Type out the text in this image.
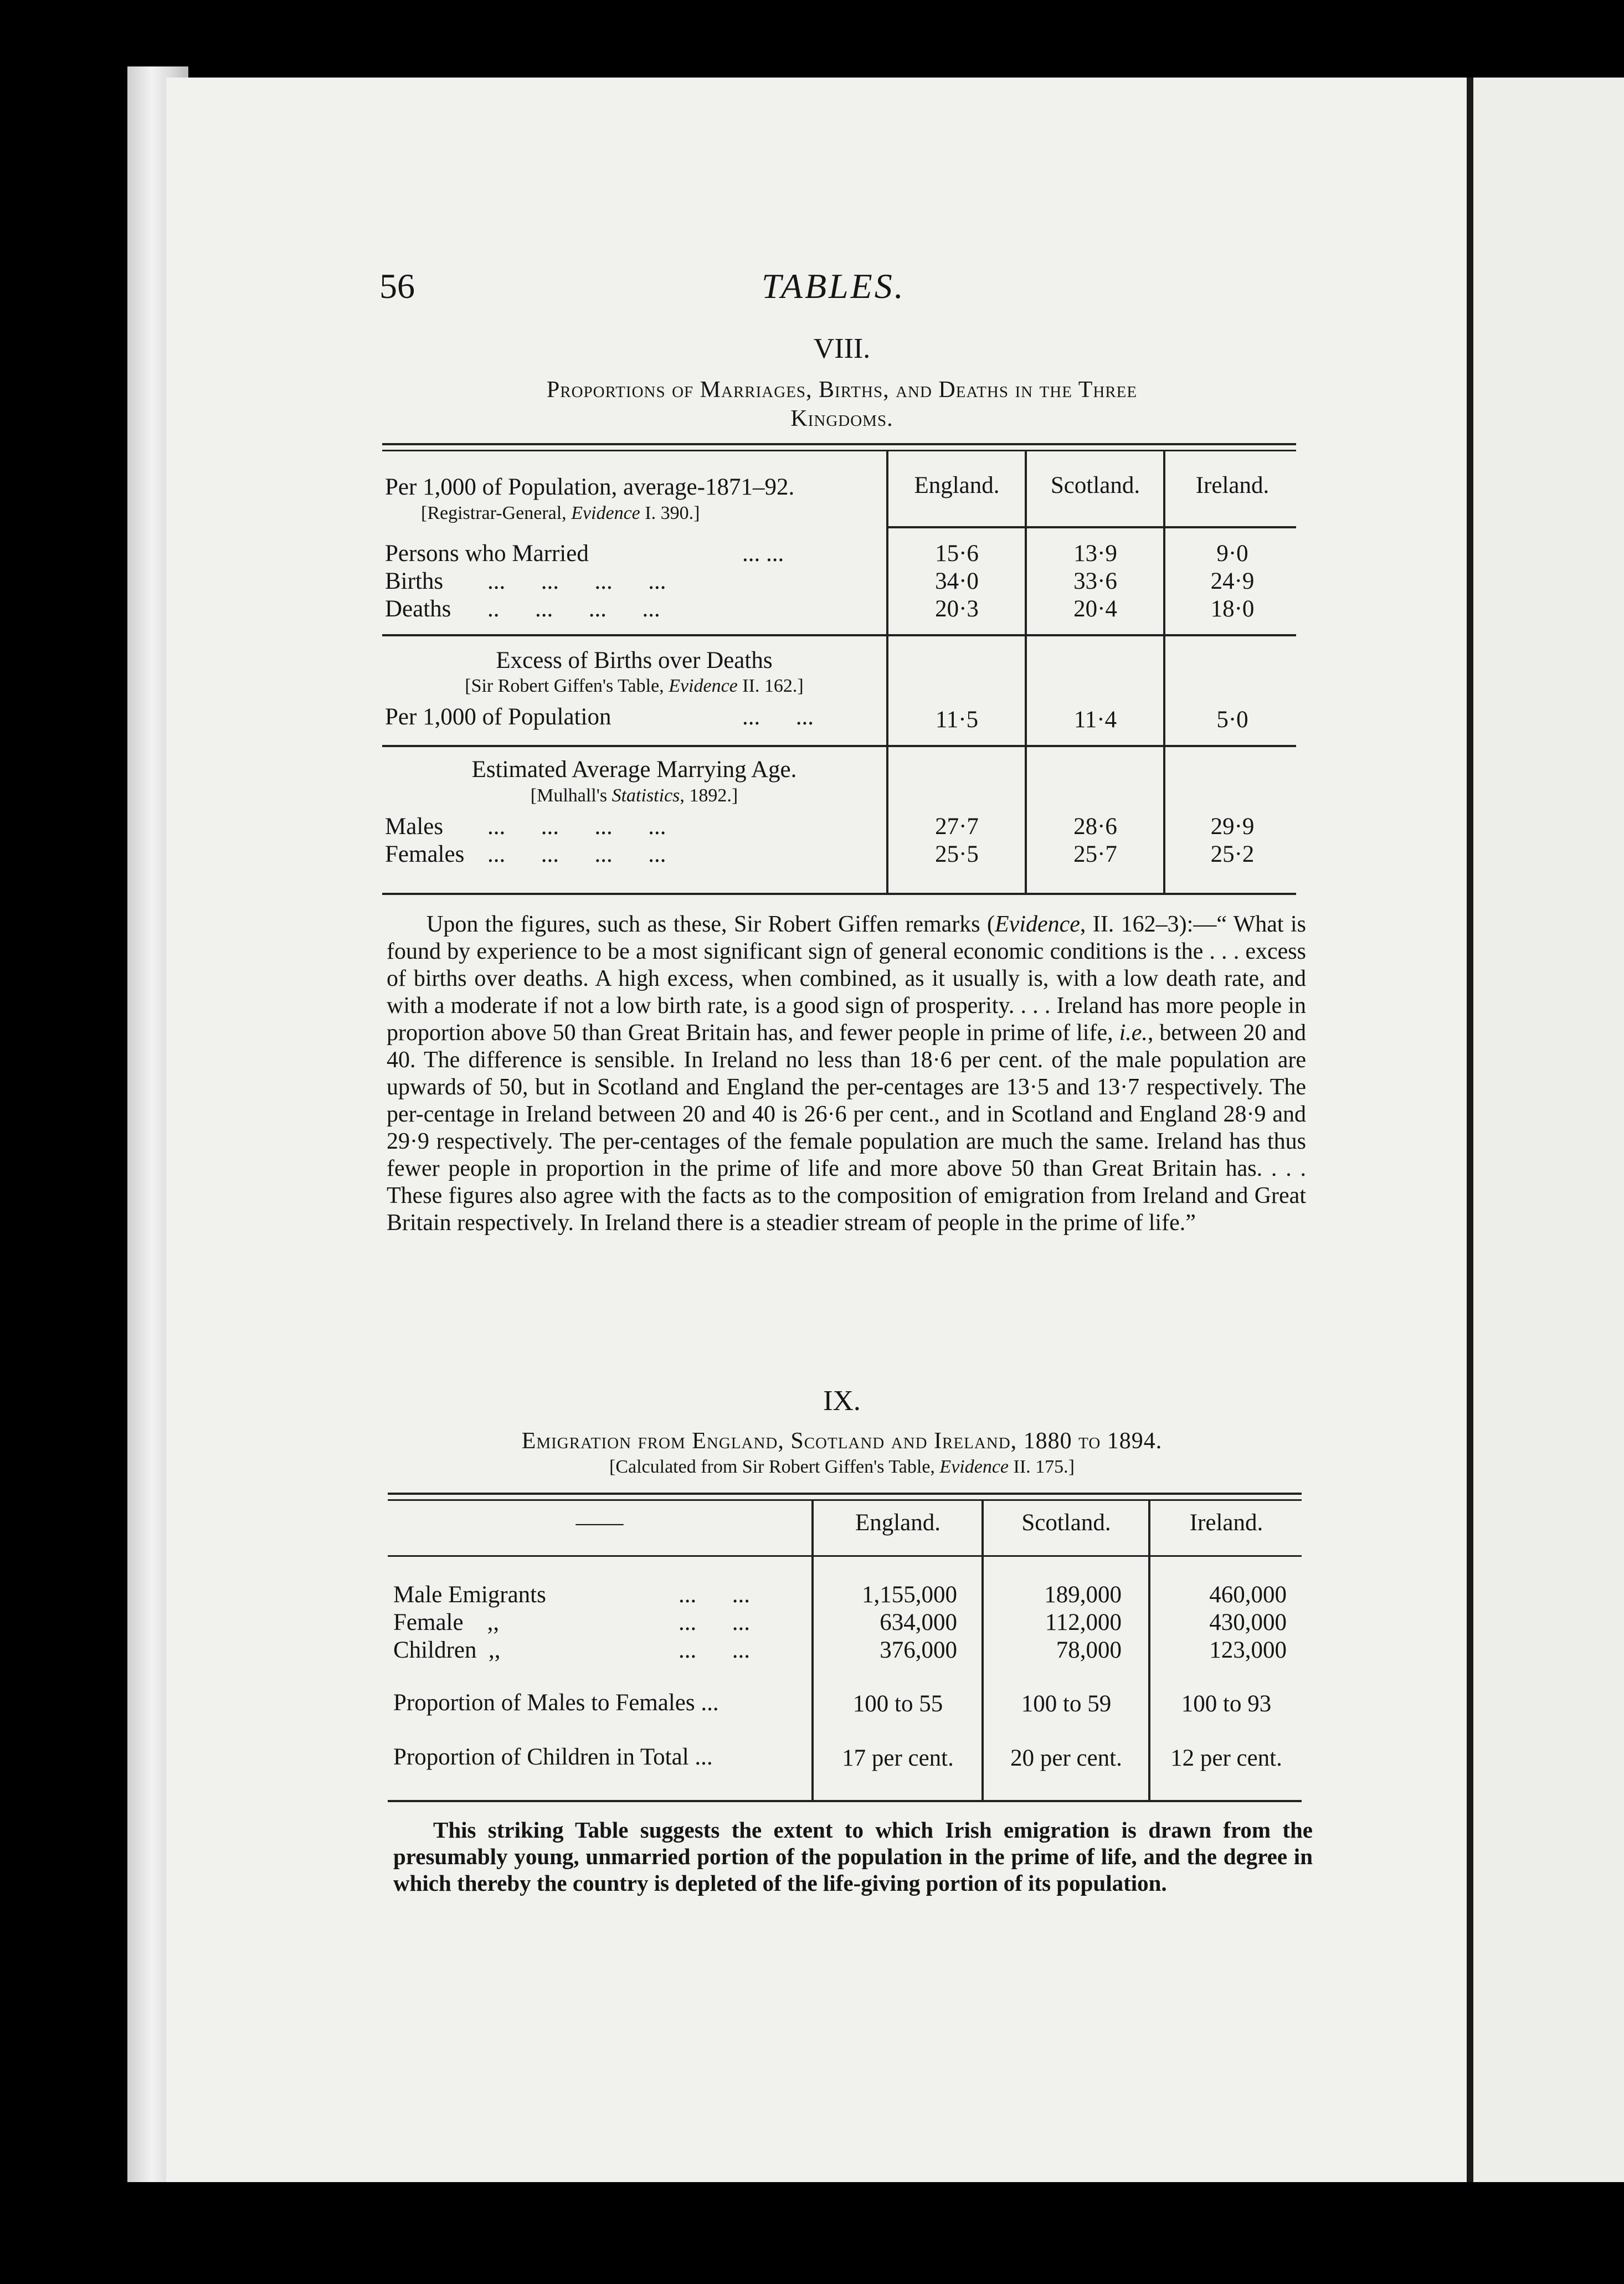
56	TABLES.
VIII.
Proportions of Marriages, Births, and Deaths in the Three
Kingdoms.
Per 1,000 of Population, average-1871–92.
[Registrar-General, Evidence I. 390.]
England.	Scotland.	Ireland.
Persons who Married	... ...	15·6	13·9	9·0
Births ...      ...      ...      ...	34·0	33·6	24·9
Deaths ..      ...      ...      ...	20·3	20·4	18·0
Excess of Births over Deaths
[Sir Robert Giffen's Table, Evidence II. 162.]
Per 1,000 of Population	...      ...	11·5	11·4	5·0
Estimated Average Marrying Age.
[Mulhall's Statistics, 1892.]
Males ...      ...      ...      ...	27·7	28·6	29·9
Females ...      ...      ...      ...	25·5	25·7	25·2

Upon the figures, such as these, Sir Robert Giffen remarks (Evidence, II. 162–3):—“ What is found by experience to be a most significant sign of general economic conditions is the . . . excess of births over deaths. A high excess, when combined, as it usually is, with a low death rate, and with a moderate if not a low birth rate, is a good sign of prosperity. . . . Ireland has more people in proportion above 50 than Great Britain has, and fewer people in prime of life, i.e., between 20 and 40. The difference is sensible. In Ireland no less than 18·6 per cent. of the male population are upwards of 50, but in Scotland and England the per-centages are 13·5 and 13·7 respectively. The per-centage in Ireland between 20 and 40 is 26·6 per cent., and in Scotland and England 28·9 and 29·9 respectively. The per-centages of the female population are much the same. Ireland has thus fewer people in proportion in the prime of life and more above 50 than Great Britain has. . . . These figures also agree with the facts as to the composition of emigration from Ireland and Great Britain respectively. In Ireland there is a steadier stream of people in the prime of life.”

IX.
Emigration from England, Scotland and Ireland, 1880 to 1894.
[Calculated from Sir Robert Giffen's Table, Evidence II. 175.]
——	England.	Scotland.	Ireland.
Male Emigrants	...      ...	1,155,000	189,000	460,000
Female    ,,	...      ...	634,000	112,000	430,000
Children  ,,	...      ...	376,000	78,000	123,000
Proportion of Males to Females ...	100 to 55	100 to 59	100 to 93
Proportion of Children in Total ...	17 per cent.	20 per cent.	12 per cent.

This striking Table suggests the extent to which Irish emigration is drawn from the presumably young, unmarried portion of the population in the prime of life, and the degree in which thereby the country is depleted of the life-giving portion of its population.
